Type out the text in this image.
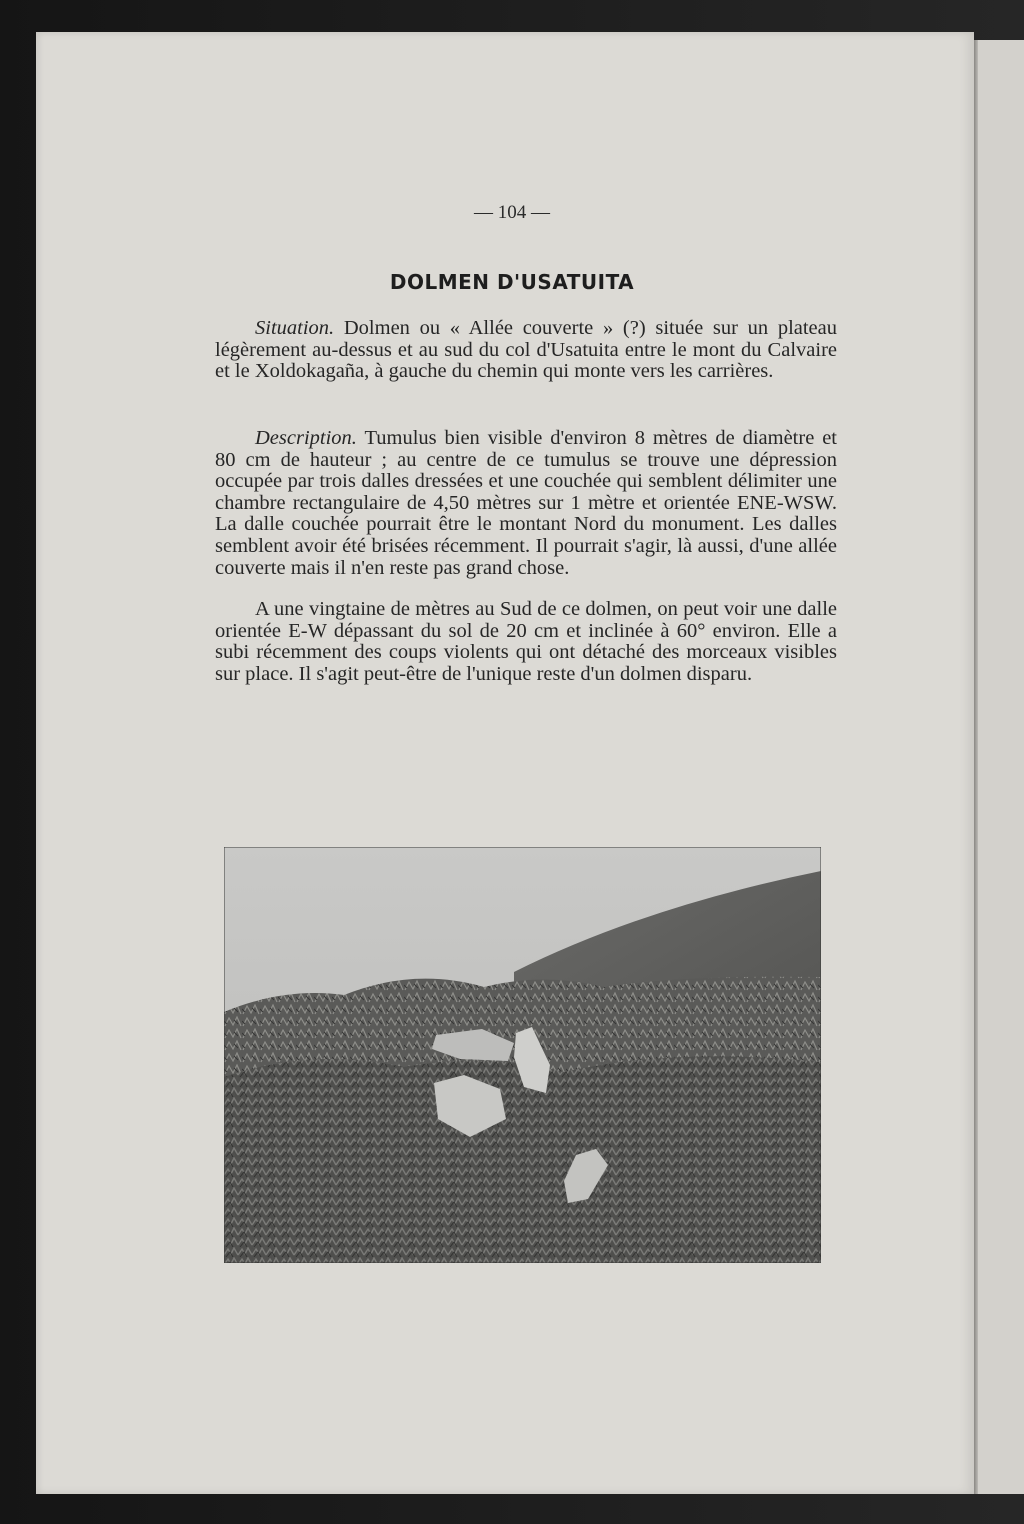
— 104 —
DOLMEN D'USATUITA

Situation. Dolmen ou « Allée couverte » (?) située sur un plateau légèrement au-dessus et au sud du col d'Usatuita entre le mont du Calvaire et le Xoldokagaña, à gauche du chemin qui monte vers les carrières.

Description. Tumulus bien visible d'environ 8 mètres de diamètre et 80 cm de hauteur ; au centre de ce tumulus se trouve une dépression occupée par trois dalles dressées et une couchée qui semblent délimiter une chambre rectangulaire de 4,50 mètres sur 1 mètre et orientée ENE-WSW. La dalle couchée pourrait être le montant Nord du monument. Les dalles semblent avoir été brisées récemment. Il pourrait s'agir, là aussi, d'une allée couverte mais il n'en reste pas grand chose.

A une vingtaine de mètres au Sud de ce dolmen, on peut voir une dalle orientée E-W dépassant du sol de 20 cm et inclinée à 60° environ. Elle a subi récemment des coups violents qui ont détaché des morceaux visibles sur place. Il s'agit peut-être de l'unique reste d'un dolmen disparu.
